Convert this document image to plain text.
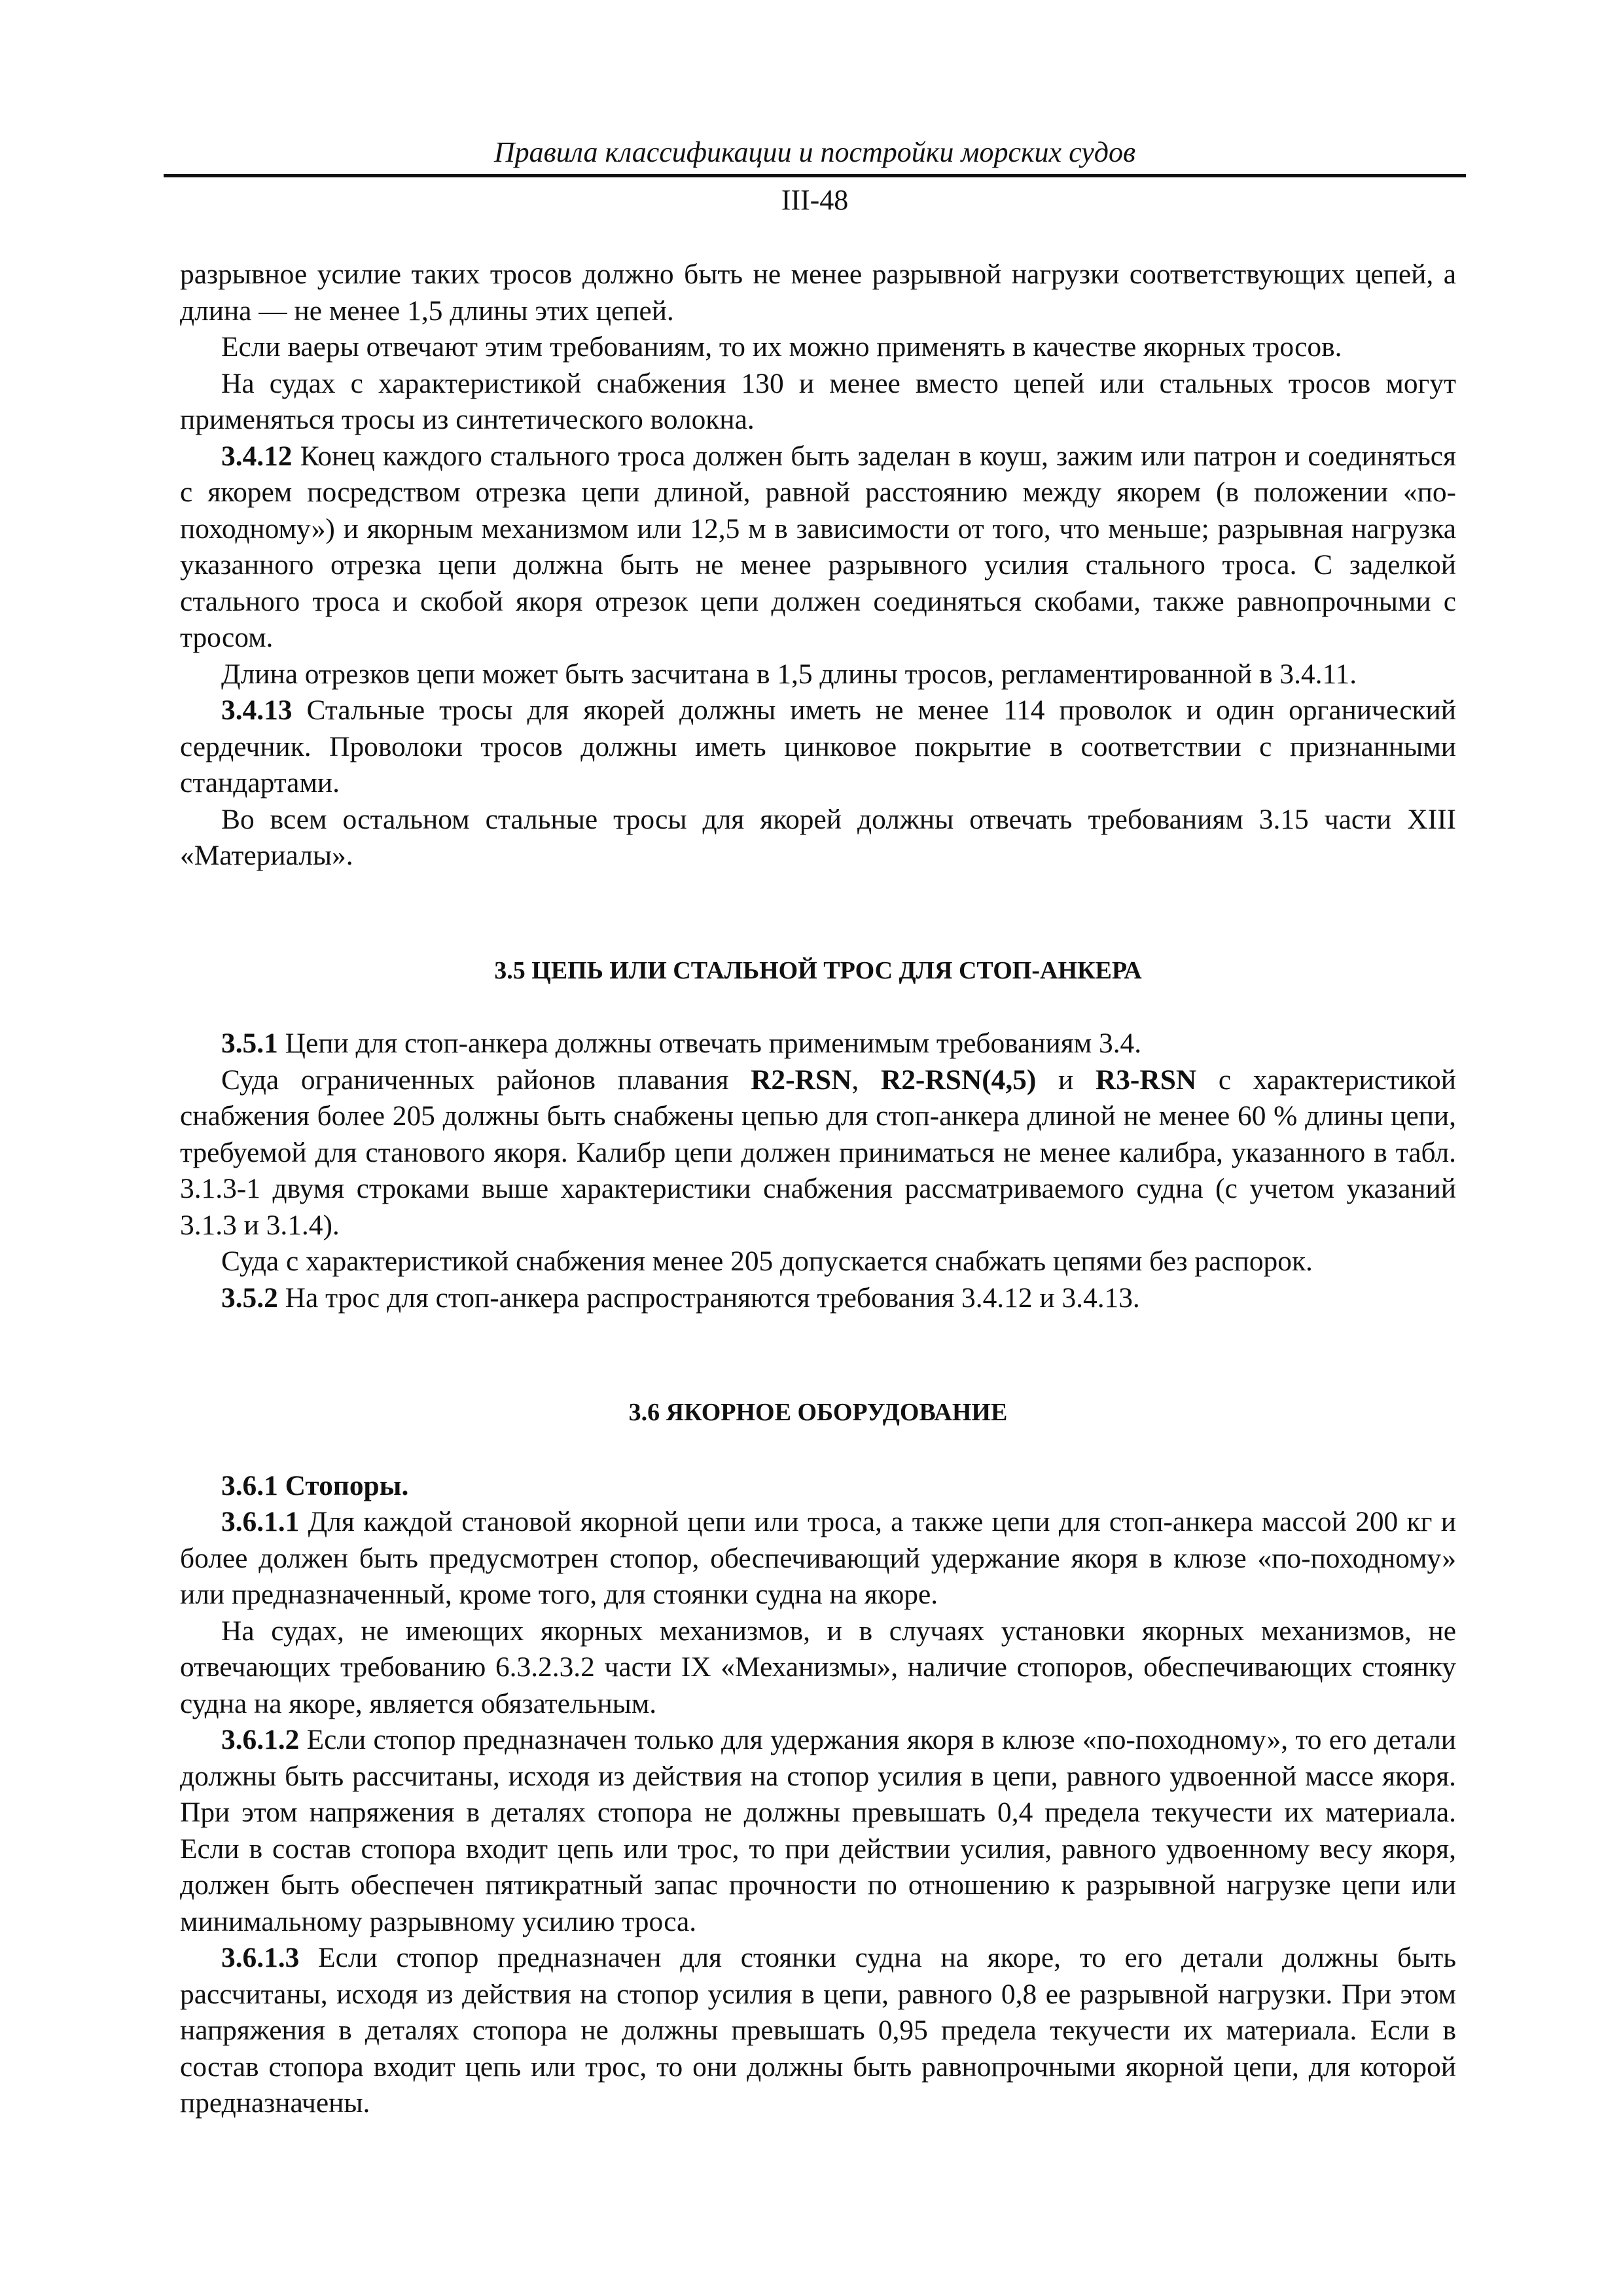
Правила классификации и постройки морских судов
III-48

разрывное усилие таких тросов должно быть не менее разрывной нагрузки соответствующих цепей, а длина — не менее 1,5 длины этих цепей.

Если ваеры отвечают этим требованиям, то их можно применять в качестве якорных тросов.

На судах с характеристикой снабжения 130 и менее вместо цепей или стальных тросов могут применяться тросы из синтетического волокна.

3.4.12 Конец каждого стального троса должен быть заделан в коуш, зажим или патрон и соединяться с якорем посредством отрезка цепи длиной, равной расстоянию между якорем (в положении «по-походному») и якорным механизмом или 12,5 м в зависимости от того, что меньше; разрывная нагрузка указанного отрезка цепи должна быть не менее разрывного усилия стального троса. С заделкой стального троса и скобой якоря отрезок цепи должен соединяться скобами, также равнопрочными с тросом.

Длина отрезков цепи может быть засчитана в 1,5 длины тросов, регламентированной в 3.4.11.

3.4.13 Стальные тросы для якорей должны иметь не менее 114 проволок и один органический сердечник. Проволоки тросов должны иметь цинковое покрытие в соответствии с признанными стандартами.

Во всем остальном стальные тросы для якорей должны отвечать требованиям 3.15 части XIII «Материалы».

3.5 ЦЕПЬ ИЛИ СТАЛЬНОЙ ТРОС ДЛЯ СТОП-АНКЕРА

3.5.1 Цепи для стоп-анкера должны отвечать применимым требованиям 3.4.

Суда ограниченных районов плавания R2-RSN, R2-RSN(4,5) и R3-RSN с характеристикой снабжения более 205 должны быть снабжены цепью для стоп-анкера длиной не менее 60 % длины цепи, требуемой для станового якоря. Калибр цепи должен приниматься не менее калибра, указанного в табл. 3.1.3-1 двумя строками выше характеристики снабжения рассматриваемого судна (с учетом указаний 3.1.3 и 3.1.4).

Суда с характеристикой снабжения менее 205 допускается снабжать цепями без распорок.

3.5.2 На трос для стоп-анкера распространяются требования 3.4.12 и 3.4.13.

3.6 ЯКОРНОЕ ОБОРУДОВАНИЕ

3.6.1 Стопоры.

3.6.1.1 Для каждой становой якорной цепи или троса, а также цепи для стоп-анкера массой 200 кг и более должен быть предусмотрен стопор, обеспечивающий удержание якоря в клюзе «по-походному» или предназначенный, кроме того, для стоянки судна на якоре.

На судах, не имеющих якорных механизмов, и в случаях установки якорных механизмов, не отвечающих требованию 6.3.2.3.2 части IX «Механизмы», наличие стопоров, обеспечивающих стоянку судна на якоре, является обязательным.

3.6.1.2 Если стопор предназначен только для удержания якоря в клюзе «по-походному», то его детали должны быть рассчитаны, исходя из действия на стопор усилия в цепи, равного удвоенной массе якоря. При этом напряжения в деталях стопора не должны превышать 0,4 предела текучести их материала. Если в состав стопора входит цепь или трос, то при действии усилия, равного удвоенному весу якоря, должен быть обеспечен пятикратный запас прочности по отношению к разрывной нагрузке цепи или минимальному разрывному усилию троса.

3.6.1.3 Если стопор предназначен для стоянки судна на якоре, то его детали должны быть рассчитаны, исходя из действия на стопор усилия в цепи, равного 0,8 ее разрывной нагрузки. При этом напряжения в деталях стопора не должны превышать 0,95 предела текучести их материала. Если в состав стопора входит цепь или трос, то они должны быть равнопрочными якорной цепи, для которой предназначены.
